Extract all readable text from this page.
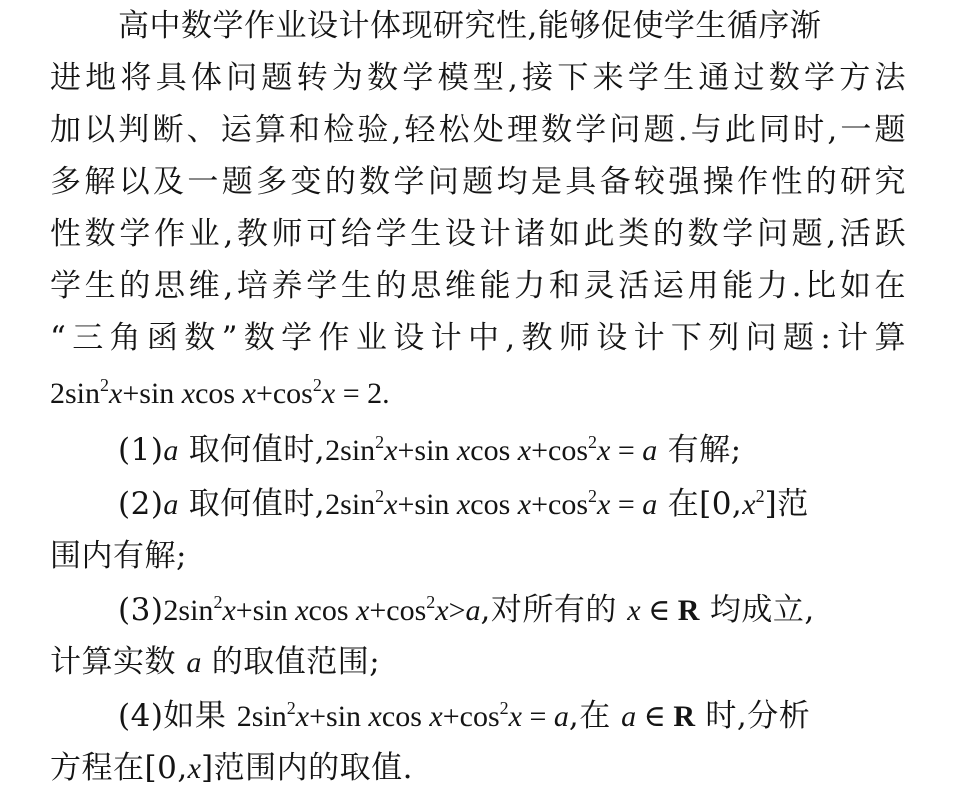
高中数学作业设计体现研究性,能够促使学生循序渐
进地将具体问题转为数学模型,接下来学生通过数学方法
加以判断、运算和检验,轻松处理数学问题.与此同时,一题
多解以及一题多变的数学问题均是具备较强操作性的研究
性数学作业,教师可给学生设计诸如此类的数学问题,活跃
学生的思维,培养学生的思维能力和灵活运用能力.比如在
“三角函数”数学作业设计中,教师设计下列问题:计算
$2\sin^2x+\sin$ xcos $x+\cos^2x = 2$.
(1)a 取何值时$,2\sin^2x+\sin$ xcos $x+\cos^2x = a$ 有解;
(2)a 取何值时$,2\sin^2x+\sin$ xcos $x+\cos^2x = a$ 在$[0,x^2]$范
围内有解;
$(3)2\sin^2x+\sin$ xcos $x+\cos^2x>a$,对所有的 x ∈ R 均成立,
计算实数 a 的取值范围;
(4)如果 $2\sin^2x+\sin$ xcos $x+\cos^2x = a$,在 a ∈ R 时,分析
方程在[0,x]范围内的取值.
